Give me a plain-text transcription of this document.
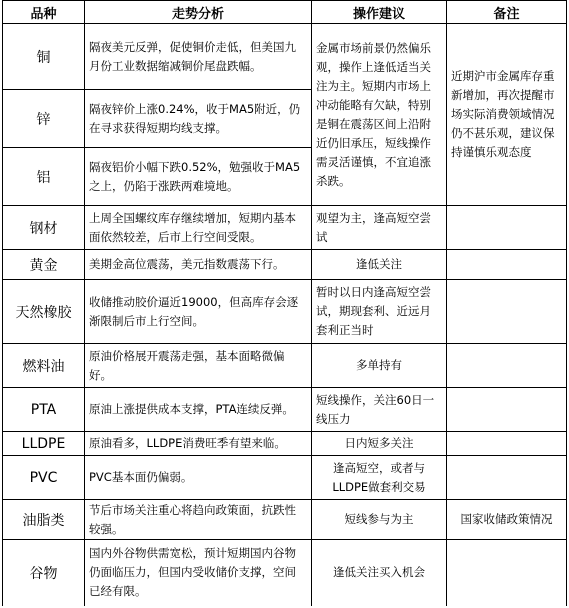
品种	走势分析	操作建议	备注
铜	隔夜美元反弹，促使铜价走低，但美国九月份工业数据缩减铜价尾盘跌幅。	金属市场前景仍然偏乐观，操作上逢低适当关注为主。短期内市场上冲动能略有欠缺，特别是铜在震荡区间上沿附近仍旧承压，短线操作需灵活谨慎，不宜追涨杀跌。	近期沪市金属库存重新增加，再次提醒市场实际消费领域情况仍不甚乐观，建议保持谨慎乐观态度
锌	隔夜锌价上涨0.24%，收于MA5附近，仍在寻求获得短期均线支撑。		
铝	隔夜铝价小幅下跌0.52%，勉强收于MA5之上，仍陷于涨跌两难境地。		
钢材	上周全国螺纹库存继续增加，短期内基本面依然较差，后市上行空间受限。	观望为主，逢高短空尝试	
黄金	美期金高位震荡，美元指数震荡下行。	逢低关注	
天然橡胶	收储推动胶价逼近19000，但高库存会逐渐限制后市上行空间。	暂时以日内逢高短空尝试，期现套利、近远月套利正当时	
燃料油	原油价格展开震荡走强，基本面略微偏好。	多单持有	
PTA	原油上涨提供成本支撑，PTA连续反弹。	短线操作，关注60日一线压力	
LLDPE	原油看多，LLDPE消费旺季有望来临。	日内短多关注	
PVC	PVC基本面仍偏弱。	逢高短空，或者与LLDPE做套利交易	
油脂类	节后市场关注重心将趋向政策面，抗跌性较强。	短线参与为主	国家收储政策情况
谷物	国内外谷物供需宽松，预计短期国内谷物仍面临压力，但国内受收储价支撑，空间已经有限。	逢低关注买入机会	
